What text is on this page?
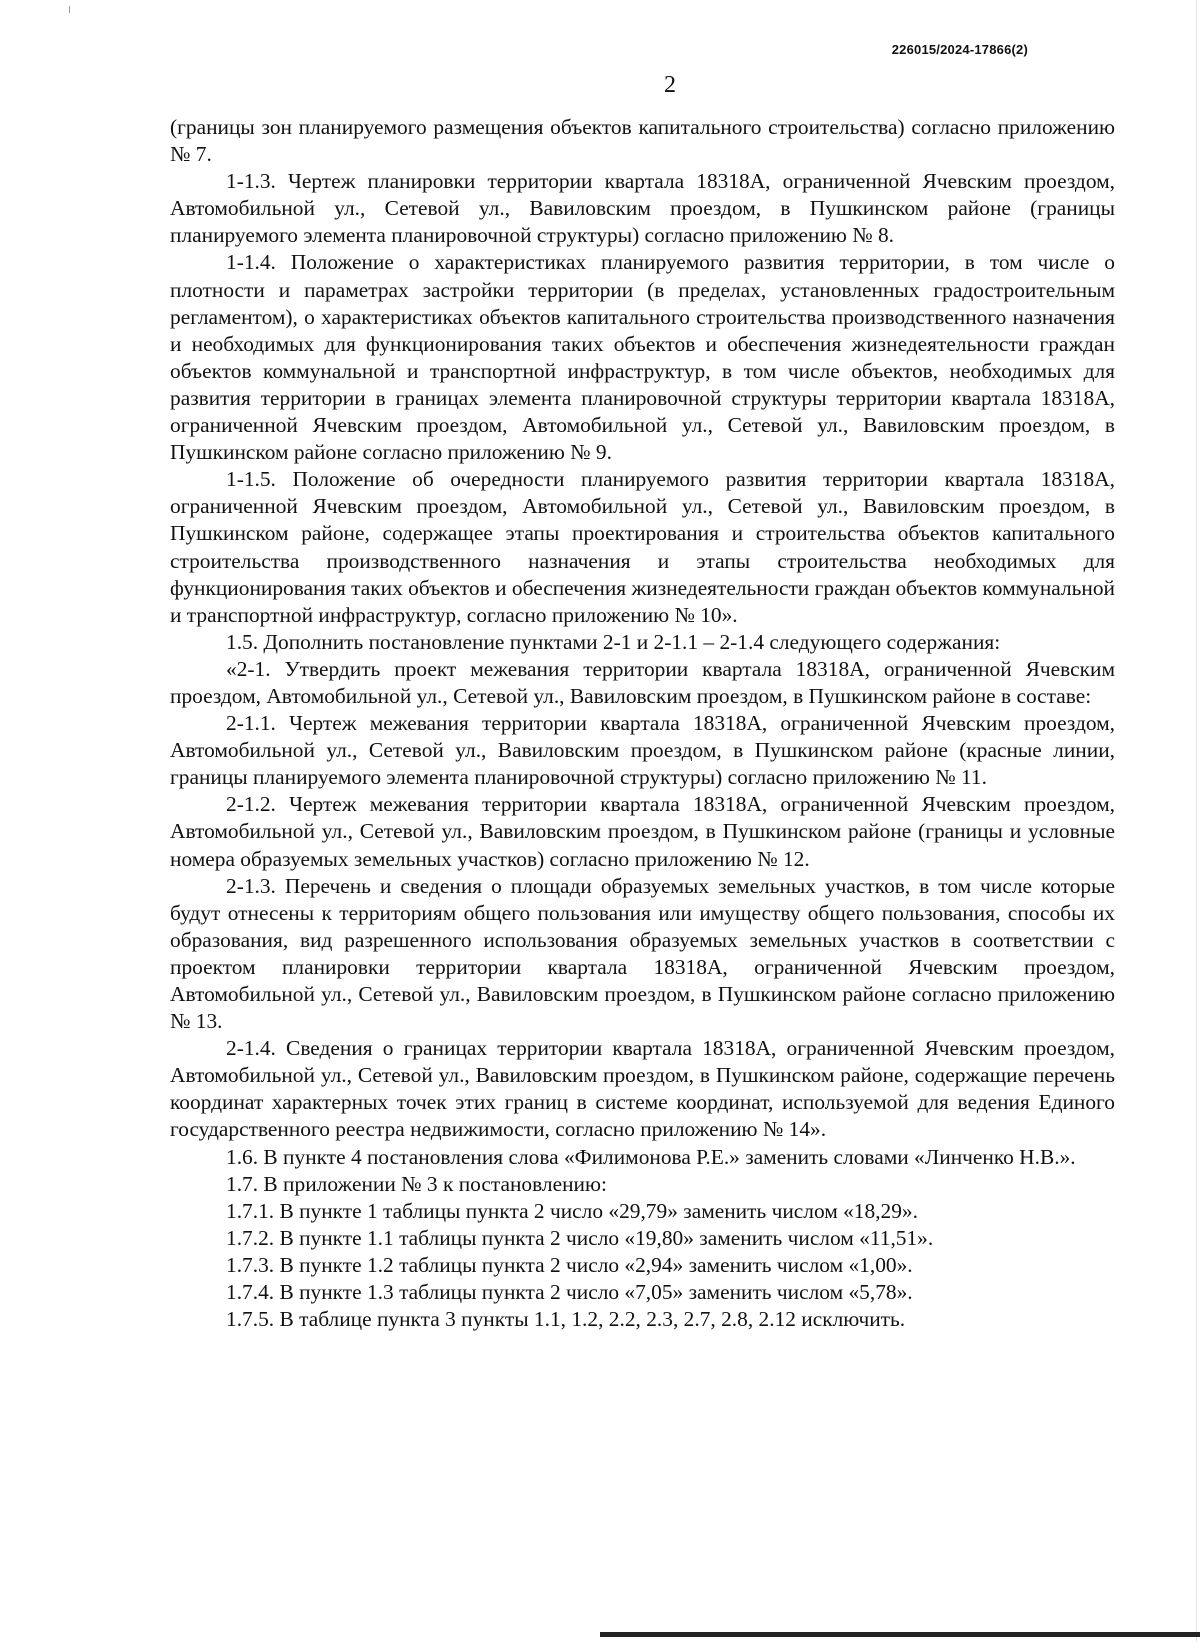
226015/2024-17866(2)
2

(границы зон планируемого размещения объектов капитального строительства) согласно приложению № 7.

1-1.3. Чертеж планировки территории квартала 18318А, ограниченной Ячевским проездом, Автомобильной ул., Сетевой ул., Вавиловским проездом, в Пушкинском районе (границы планируемого элемента планировочной структуры) согласно приложению № 8.

1-1.4. Положение о характеристиках планируемого развития территории, в том числе о плотности и параметрах застройки территории (в пределах, установленных градостроительным регламентом), о характеристиках объектов капитального строительства производственного назначения и необходимых для функционирования таких объектов и обеспечения жизнедеятельности граждан объектов коммунальной и транспортной инфраструктур, в том числе объектов, необходимых для развития территории в границах элемента планировочной структуры территории квартала 18318А, ограниченной Ячевским проездом, Автомобильной ул., Сетевой ул., Вавиловским проездом, в Пушкинском районе согласно приложению № 9.

1-1.5. Положение об очередности планируемого развития территории квартала 18318А, ограниченной Ячевским проездом, Автомобильной ул., Сетевой ул., Вавиловским проездом, в Пушкинском районе, содержащее этапы проектирования и строительства объектов капитального строительства производственного назначения и этапы строительства необходимых для функционирования таких объектов и обеспечения жизнедеятельности граждан объектов коммунальной и транспортной инфраструктур, согласно приложению № 10».

1.5. Дополнить постановление пунктами 2-1 и 2-1.1 – 2-1.4 следующего содержания:

«2-1. Утвердить проект межевания территории квартала 18318А, ограниченной Ячевским проездом, Автомобильной ул., Сетевой ул., Вавиловским проездом, в Пушкинском районе в составе:

2-1.1. Чертеж межевания территории квартала 18318А, ограниченной Ячевским проездом, Автомобильной ул., Сетевой ул., Вавиловским проездом, в Пушкинском районе (красные линии, границы планируемого элемента планировочной структуры) согласно приложению № 11.

2-1.2. Чертеж межевания территории квартала 18318А, ограниченной Ячевским проездом, Автомобильной ул., Сетевой ул., Вавиловским проездом, в Пушкинском районе (границы и условные номера образуемых земельных участков) согласно приложению № 12.

2-1.3. Перечень и сведения о площади образуемых земельных участков, в том числе которые будут отнесены к территориям общего пользования или имуществу общего пользования, способы их образования, вид разрешенного использования образуемых земельных участков в соответствии с проектом планировки территории квартала 18318А, ограниченной Ячевским проездом, Автомобильной ул., Сетевой ул., Вавиловским проездом, в Пушкинском районе согласно приложению № 13.

2-1.4. Сведения о границах территории квартала 18318А, ограниченной Ячевским проездом, Автомобильной ул., Сетевой ул., Вавиловским проездом, в Пушкинском районе, содержащие перечень координат характерных точек этих границ в системе координат, используемой для ведения Единого государственного реестра недвижимости, согласно приложению № 14».

1.6. В пункте 4 постановления слова «Филимонова Р.Е.» заменить словами «Линченко Н.В.».

1.7. В приложении № 3 к постановлению:

1.7.1. В пункте 1 таблицы пункта 2 число «29,79» заменить числом «18,29».

1.7.2. В пункте 1.1 таблицы пункта 2 число «19,80» заменить числом «11,51».

1.7.3. В пункте 1.2 таблицы пункта 2 число «2,94» заменить числом «1,00».

1.7.4. В пункте 1.3 таблицы пункта 2 число «7,05» заменить числом «5,78».

1.7.5. В таблице пункта 3 пункты 1.1, 1.2, 2.2, 2.3, 2.7, 2.8, 2.12 исключить.
